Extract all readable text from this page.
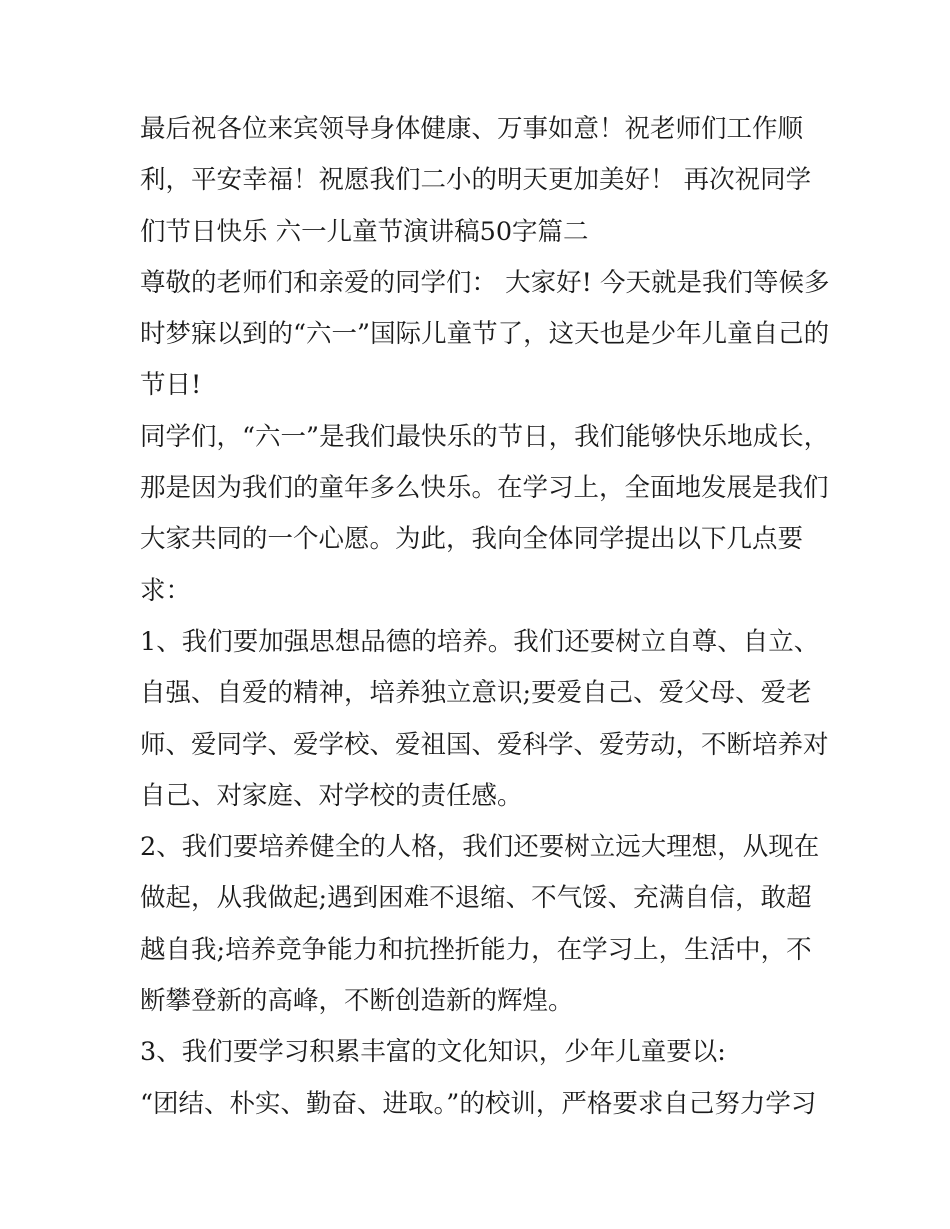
最后祝各位来宾领导身体健康、万事如意！祝老师们工作顺
利，平安幸福！祝愿我们二小的明天更加美好！ 再次祝同学
们节日快乐 六一儿童节演讲稿50字篇二

尊敬的老师们和亲爱的同学们： 大家好! 今天就是我们等候多
时梦寐以到的“六一”国际儿童节了，这天也是少年儿童自己的
节日!

同学们，“六一”是我们最快乐的节日，我们能够快乐地成长，
那是因为我们的童年多么快乐。在学习上，全面地发展是我们
大家共同的一个心愿。为此，我向全体同学提出以下几点要
求：

1、我们要加强思想品德的培养。我们还要树立自尊、自立、
自强、自爱的精神，培养独立意识;要爱自己、爱父母、爱老
师、爱同学、爱学校、爱祖国、爱科学、爱劳动，不断培养对
自己、对家庭、对学校的责任感。

2、我们要培养健全的人格，我们还要树立远大理想，从现在
做起，从我做起;遇到困难不退缩、不气馁、充满自信，敢超
越自我;培养竞争能力和抗挫折能力，在学习上，生活中，不
断攀登新的高峰，不断创造新的辉煌。

3、我们要学习积累丰富的文化知识，少年儿童要以:

“团结、朴实、勤奋、进取。”的校训，严格要求自己努力学习
